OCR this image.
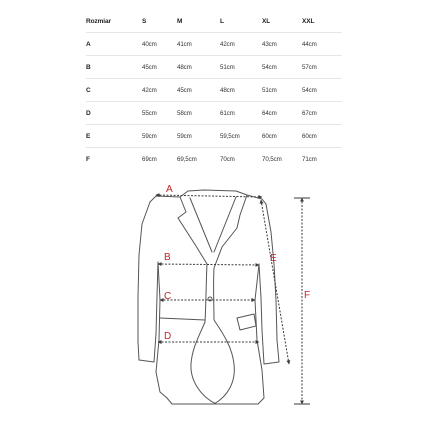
Rozmiar	S	M	L	XL	XXL
A	40cm	41cm	42cm	43cm	44cm
B	45cm	48cm	51cm	54cm	57cm
C	42cm	45cm	48cm	51cm	54cm
D	55cm	58cm	61cm	64cm	67cm
E	59cm	59cm	59,5cm	60cm	60cm
F	69cm	69,5cm	70cm	70,5cm	71cm
A
B
C
D
E
F
